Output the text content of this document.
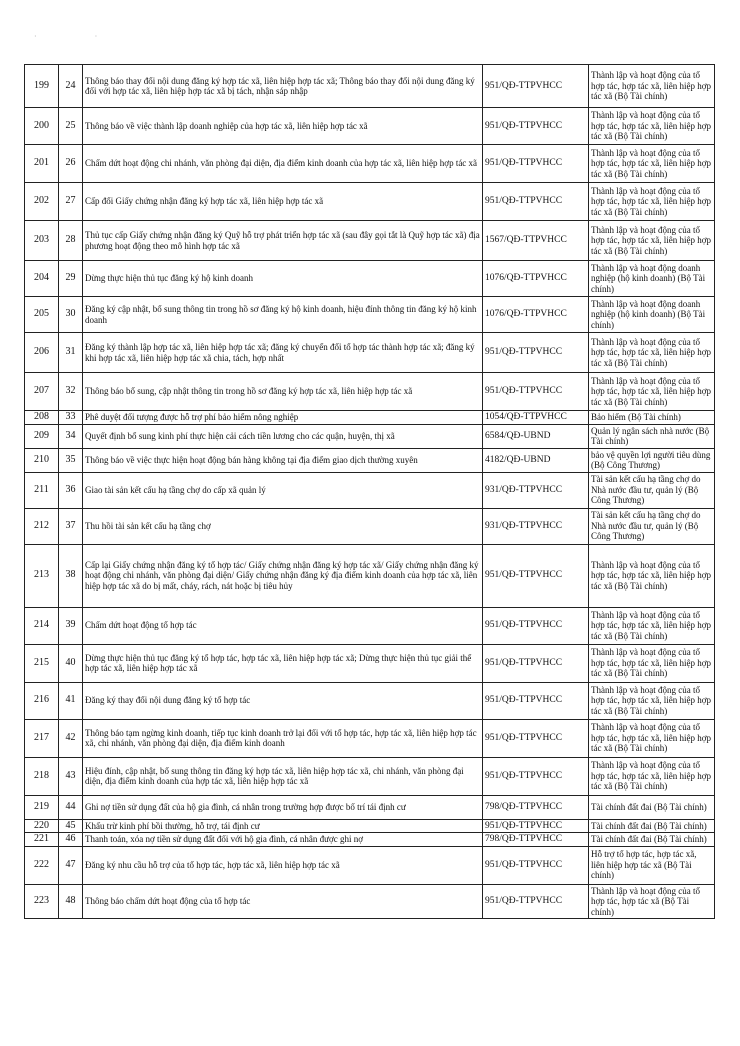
· ·
199	24	Thông báo thay đổi nội dung đăng ký hợp tác xã, liên hiệp hợp tác xã; Thông báo thay đổi nội dung đăng ký đối với hợp tác xã, liên hiệp hợp tác xã bị tách, nhận sáp nhập	951/QĐ-TTPVHCC	Thành lập và hoạt động của tổ hợp tác, hợp tác xã, liên hiệp hợp tác xã (Bộ Tài chính)
200	25	Thông báo về việc thành lập doanh nghiệp của hợp tác xã, liên hiệp hợp tác xã	951/QĐ-TTPVHCC	Thành lập và hoạt động của tổ hợp tác, hợp tác xã, liên hiệp hợp tác xã (Bộ Tài chính)
201	26	Chấm dứt hoạt động chi nhánh, văn phòng đại diện, địa điểm kinh doanh của hợp tác xã, liên hiệp hợp tác xã	951/QĐ-TTPVHCC	Thành lập và hoạt động của tổ hợp tác, hợp tác xã, liên hiệp hợp tác xã (Bộ Tài chính)
202	27	Cấp đổi Giấy chứng nhận đăng ký hợp tác xã, liên hiệp hợp tác xã	951/QĐ-TTPVHCC	Thành lập và hoạt động của tổ hợp tác, hợp tác xã, liên hiệp hợp tác xã (Bộ Tài chính)
203	28	Thủ tục cấp Giấy chứng nhận đăng ký Quỹ hỗ trợ phát triển hợp tác xã (sau đây gọi tắt là Quỹ hợp tác xã) địa phương hoạt động theo mô hình hợp tác xã	1567/QĐ-TTPVHCC	Thành lập và hoạt động của tổ hợp tác, hợp tác xã, liên hiệp hợp tác xã (Bộ Tài chính)
204	29	Dừng thực hiện thủ tục đăng ký hộ kinh doanh	1076/QĐ-TTPVHCC	Thành lập và hoạt động doanh nghiệp (hộ kinh doanh) (Bộ Tài chính)
205	30	Đăng ký cập nhật, bổ sung thông tin trong hồ sơ đăng ký hộ kinh doanh, hiệu đính thông tin đăng ký hộ kinh doanh	1076/QĐ-TTPVHCC	Thành lập và hoạt động doanh nghiệp (hộ kinh doanh) (Bộ Tài chính)
206	31	Đăng ký thành lập hợp tác xã, liên hiệp hợp tác xã; đăng ký chuyển đổi tổ hợp tác thành hợp tác xã; đăng ký khi hợp tác xã, liên hiệp hợp tác xã chia, tách, hợp nhất	951/QĐ-TTPVHCC	Thành lập và hoạt động của tổ hợp tác, hợp tác xã, liên hiệp hợp tác xã (Bộ Tài chính)
207	32	Thông báo bổ sung, cập nhật thông tin trong hồ sơ đăng ký hợp tác xã, liên hiệp hợp tác xã	951/QĐ-TTPVHCC	Thành lập và hoạt động của tổ hợp tác, hợp tác xã, liên hiệp hợp tác xã (Bộ Tài chính)
208	33	Phê duyệt đối tượng được hỗ trợ phí bảo hiểm nông nghiệp	1054/QĐ-TTPVHCC	Bảo hiểm (Bộ Tài chính)
209	34	Quyết định bổ sung kinh phí thực hiện cải cách tiền lương cho các quận, huyện, thị xã	6584/QĐ-UBND	Quản lý ngân sách nhà nước (Bộ Tài chính)
210	35	Thông báo về việc thực hiện hoạt động bán hàng không tại địa điểm giao dịch thường xuyên	4182/QĐ-UBND	bảo vệ quyền lợi người tiêu dùng (Bộ Công Thương)
211	36	Giao tài sản kết cấu hạ tầng chợ do cấp xã quản lý	931/QĐ-TTPVHCC	Tài sản kết cấu hạ tầng chợ do Nhà nước đầu tư, quản lý (Bộ Công Thương)
212	37	Thu hồi tài sản kết cấu hạ tầng chợ	931/QĐ-TTPVHCC	Tài sản kết cấu hạ tầng chợ do Nhà nước đầu tư, quản lý (Bộ Công Thương)
213	38	Cấp lại Giấy chứng nhận đăng ký tổ hợp tác/ Giấy chứng nhận đăng ký hợp tác xã/ Giấy chứng nhận đăng ký hoạt động chi nhánh, văn phòng đại diện/ Giấy chứng nhận đăng ký địa điểm kinh doanh của hợp tác xã, liên hiệp hợp tác xã do bị mất, cháy, rách, nát hoặc bị tiêu hủy	951/QĐ-TTPVHCC	Thành lập và hoạt động của tổ hợp tác, hợp tác xã, liên hiệp hợp tác xã (Bộ Tài chính)
214	39	Chấm dứt hoạt động tổ hợp tác	951/QĐ-TTPVHCC	Thành lập và hoạt động của tổ hợp tác, hợp tác xã, liên hiệp hợp tác xã (Bộ Tài chính)
215	40	Dừng thực hiện thủ tục đăng ký tổ hợp tác, hợp tác xã, liên hiệp hợp tác xã; Dừng thực hiện thủ tục giải thể hợp tác xã, liên hiệp hợp tác xã	951/QĐ-TTPVHCC	Thành lập và hoạt động của tổ hợp tác, hợp tác xã, liên hiệp hợp tác xã (Bộ Tài chính)
216	41	Đăng ký thay đổi nội dung đăng ký tổ hợp tác	951/QĐ-TTPVHCC	Thành lập và hoạt động của tổ hợp tác, hợp tác xã, liên hiệp hợp tác xã (Bộ Tài chính)
217	42	Thông báo tạm ngừng kinh doanh, tiếp tục kinh doanh trở lại đối với tổ hợp tác, hợp tác xã, liên hiệp hợp tác xã, chi nhánh, văn phòng đại diện, địa điểm kinh doanh	951/QĐ-TTPVHCC	Thành lập và hoạt động của tổ hợp tác, hợp tác xã, liên hiệp hợp tác xã (Bộ Tài chính)
218	43	Hiệu đính, cập nhật, bổ sung thông tin đăng ký hợp tác xã, liên hiệp hợp tác xã, chi nhánh, văn phòng đại diện, địa điểm kinh doanh của hợp tác xã, liên hiệp hợp tác xã	951/QĐ-TTPVHCC	Thành lập và hoạt động của tổ hợp tác, hợp tác xã, liên hiệp hợp tác xã (Bộ Tài chính)
219	44	Ghi nợ tiền sử dụng đất của hộ gia đình, cá nhân trong trường hợp được bố trí tái định cư	798/QĐ-TTPVHCC	Tài chính đất đai (Bộ Tài chính)
220	45	Khấu trừ kinh phí bồi thường, hỗ trợ, tái định cư	951/QĐ-TTPVHCC	Tài chính đất đai (Bộ Tài chính)
221	46	Thanh toán, xóa nợ tiền sử dụng đất đối với hộ gia đình, cá nhân được ghi nợ	798/QĐ-TTPVHCC	Tài chính đất đai (Bộ Tài chính)
222	47	Đăng ký nhu cầu hỗ trợ của tổ hợp tác, hợp tác xã, liên hiệp hợp tác xã	951/QĐ-TTPVHCC	Hỗ trợ tổ hợp tác, hợp tác xã, liên hiệp hợp tác xã (Bộ Tài chính)
223	48	Thông báo chấm dứt hoạt động của tổ hợp tác	951/QĐ-TTPVHCC	Thành lập và hoạt động của tổ hợp tác, hợp tác xã (Bộ Tài chính)
